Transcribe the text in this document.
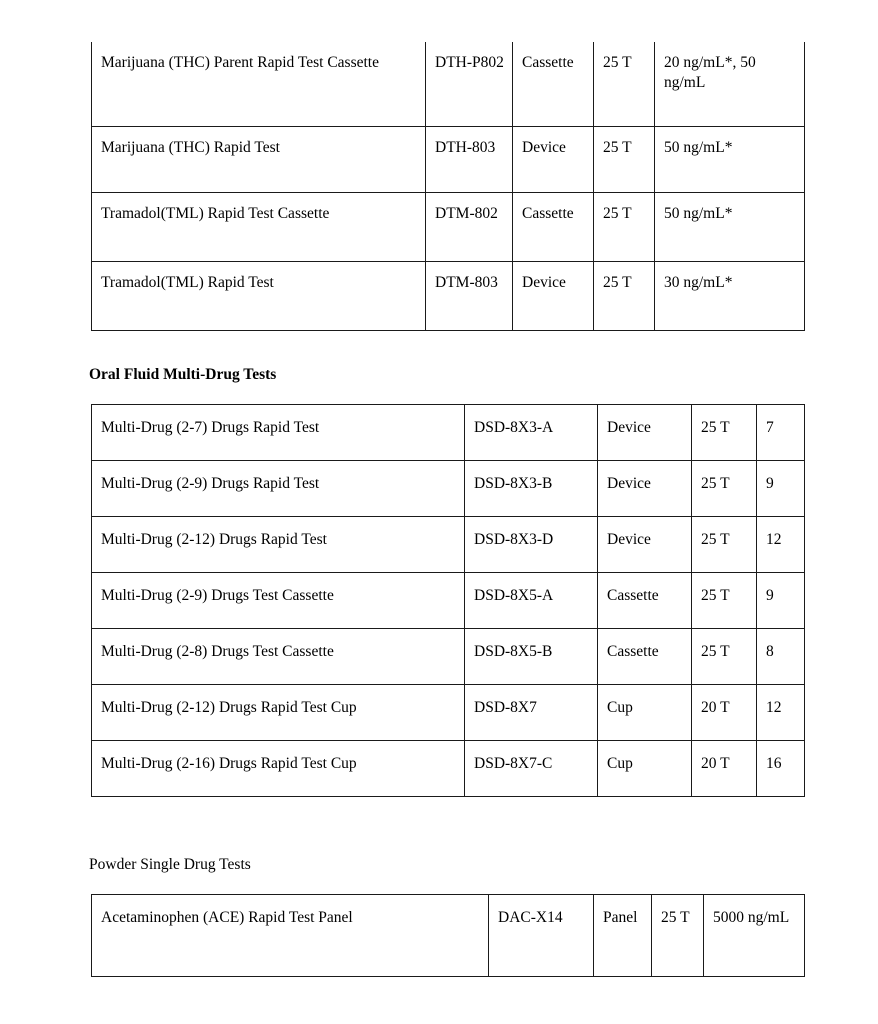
Marijuana (THC) Parent Rapid Test Cassette	DTH-P802	Cassette	25 T	20 ng/mL*, 50 ng/mL

Marijuana (THC) Rapid Test	DTH-803	Device	25 T	50 ng/mL*

Tramadol(TML) Rapid Test Cassette	DTM-802	Cassette	25 T	50 ng/mL*

Tramadol(TML) Rapid Test	DTM-803	Device	25 T	30 ng/mL*
Oral Fluid Multi-Drug Tests
Multi-Drug (2-7) Drugs Rapid Test	DSD-8X3-A	Device	25 T	7

Multi-Drug (2-9) Drugs Rapid Test	DSD-8X3-B	Device	25 T	9

Multi-Drug (2-12) Drugs Rapid Test	DSD-8X3-D	Device	25 T	12

Multi-Drug (2-9) Drugs Test Cassette	DSD-8X5-A	Cassette	25 T	9

Multi-Drug (2-8) Drugs Test Cassette	DSD-8X5-B	Cassette	25 T	8

Multi-Drug (2-12) Drugs Rapid Test Cup	DSD-8X7	Cup	20 T	12

Multi-Drug (2-16) Drugs Rapid Test Cup	DSD-8X7-C	Cup	20 T	16
Powder Single Drug Tests
Acetaminophen (ACE) Rapid Test Panel	DAC-X14	Panel	25 T	5000 ng/mL
